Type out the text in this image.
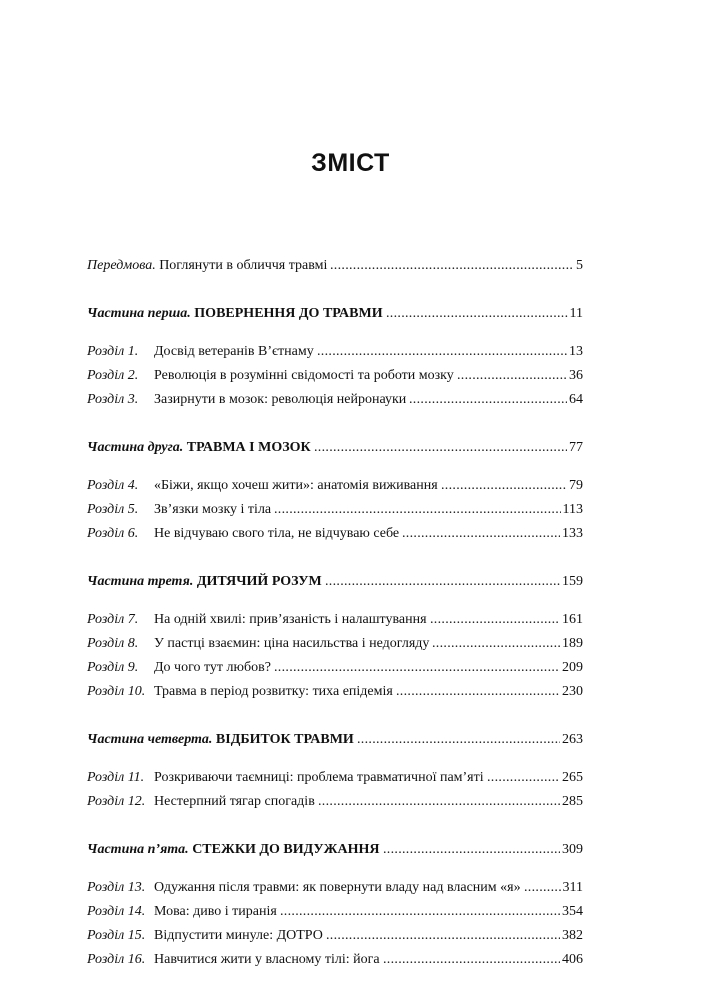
ЗМІСТ
Передмова. Поглянути в обличчя травмі .....	5
Частина перша. ПОВЕРНЕННЯ ДО ТРАВМИ .....	11
Розділ 1. Досвід ветеранів В’єтнаму .....	13
Розділ 2. Революція в розумінні свідомості та роботи мозку .....	36
Розділ 3. Зазирнути в мозок: революція нейронауки .....	64
Частина друга. ТРАВМА І МОЗОК .....	77
Розділ 4. «Біжи, якщо хочеш жити»: анатомія виживання .....	79
Розділ 5. Зв’язки мозку і тіла .....	113
Розділ 6. Не відчуваю свого тіла, не відчуваю себе .....	133
Частина третя. ДИТЯЧИЙ РОЗУМ .....	159
Розділ 7. На одній хвилі: прив’язаність і налаштування .....	161
Розділ 8. У пастці взаємин: ціна насильства і недогляду .....	189
Розділ 9. До чого тут любов? .....	209
Розділ 10. Травма в період розвитку: тиха епідемія .....	230
Частина четверта. ВІДБИТОК ТРАВМИ .....	263
Розділ 11. Розкриваючи таємниці: проблема травматичної пам’яті .....	265
Розділ 12. Нестерпний тягар спогадів .....	285
Частина п’ята. СТЕЖКИ ДО ВИДУЖАННЯ .....	309
Розділ 13. Одужання після травми: як повернути владу над власним «я» .....	311
Розділ 14. Мова: диво і тиранія .....	354
Розділ 15. Відпустити минуле: ДОТРО .....	382
Розділ 16. Навчитися жити у власному тілі: йога .....	406
